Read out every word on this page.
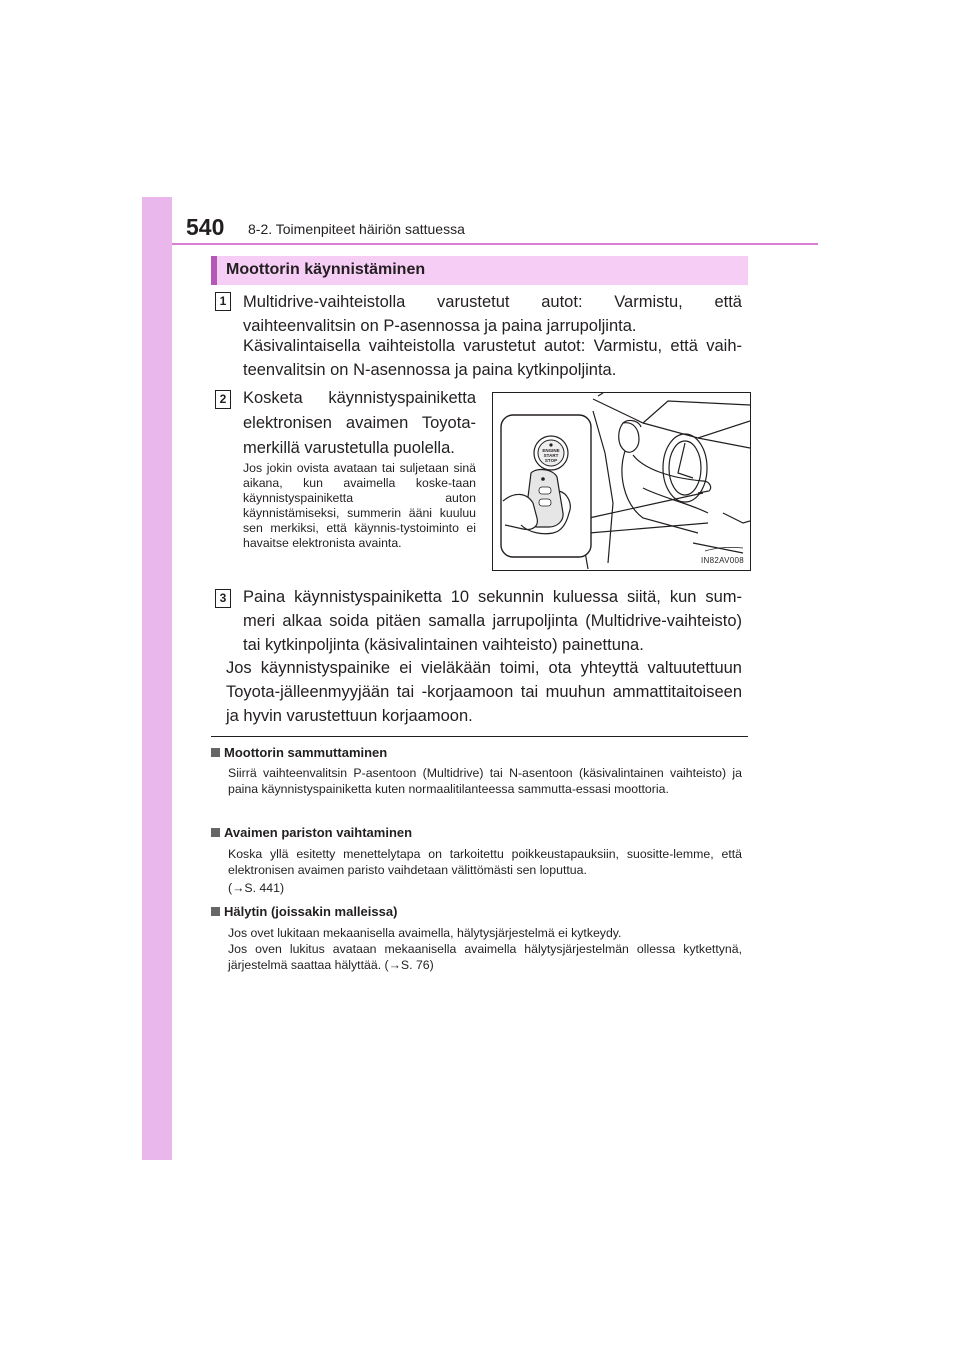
540 8-2. Toimenpiteet häiriön sattuessa
Moottorin käynnistäminen
1 Multidrive-vaihteistolla varustetut autot: Varmistu, että vaihteenvalitsin on P-asennossa ja paina jarrupoljinta.

Käsivalintaisella vaihteistolla varustetut autot: Varmistu, että vaih-teenvalitsin on N-asennossa ja paina kytkinpoljinta.

2 Kosketa käynnistyspainiketta elektronisen avaimen Toyota-merkillä varustetulla puolella.

Jos jokin ovista avataan tai suljetaan sinä aikana, kun avaimella koske-taan käynnistyspainiketta auton käynnistämiseksi, summerin ääni kuuluu sen merkiksi, että käynnis-tystoiminto ei havaitse elektronista avainta.

ENGINE
START
STOP
IN82AV008
3 Paina käynnistyspainiketta 10 sekunnin kuluessa siitä, kun sum-meri alkaa soida pitäen samalla jarrupoljinta (Multidrive-vaihteisto) tai kytkinpoljinta (käsivalintainen vaihteisto) painettuna.

Jos käynnistyspainike ei vieläkään toimi, ota yhteyttä valtuutettuun Toyota-jälleenmyyjään tai -korjaamoon tai muuhun ammattitaitoiseen ja hyvin varustettuun korjaamoon.

Moottorin sammuttaminen

Siirrä vaihteenvalitsin P-asentoon (Multidrive) tai N-asentoon (käsivalintainen vaihteisto) ja paina käynnistyspainiketta kuten normaalitilanteessa sammutta-essasi moottoria.

Avaimen pariston vaihtaminen

Koska yllä esitetty menettelytapa on tarkoitettu poikkeustapauksiin, suositte-lemme, että elektronisen avaimen paristo vaihdetaan välittömästi sen loputtua.

(→S. 441)

Hälytin (joissakin malleissa)

Jos ovet lukitaan mekaanisella avaimella, hälytysjärjestelmä ei kytkeydy.

Jos oven lukitus avataan mekaanisella avaimella hälytysjärjestelmän ollessa kytkettynä, järjestelmä saattaa hälyttää. (→S. 76)
